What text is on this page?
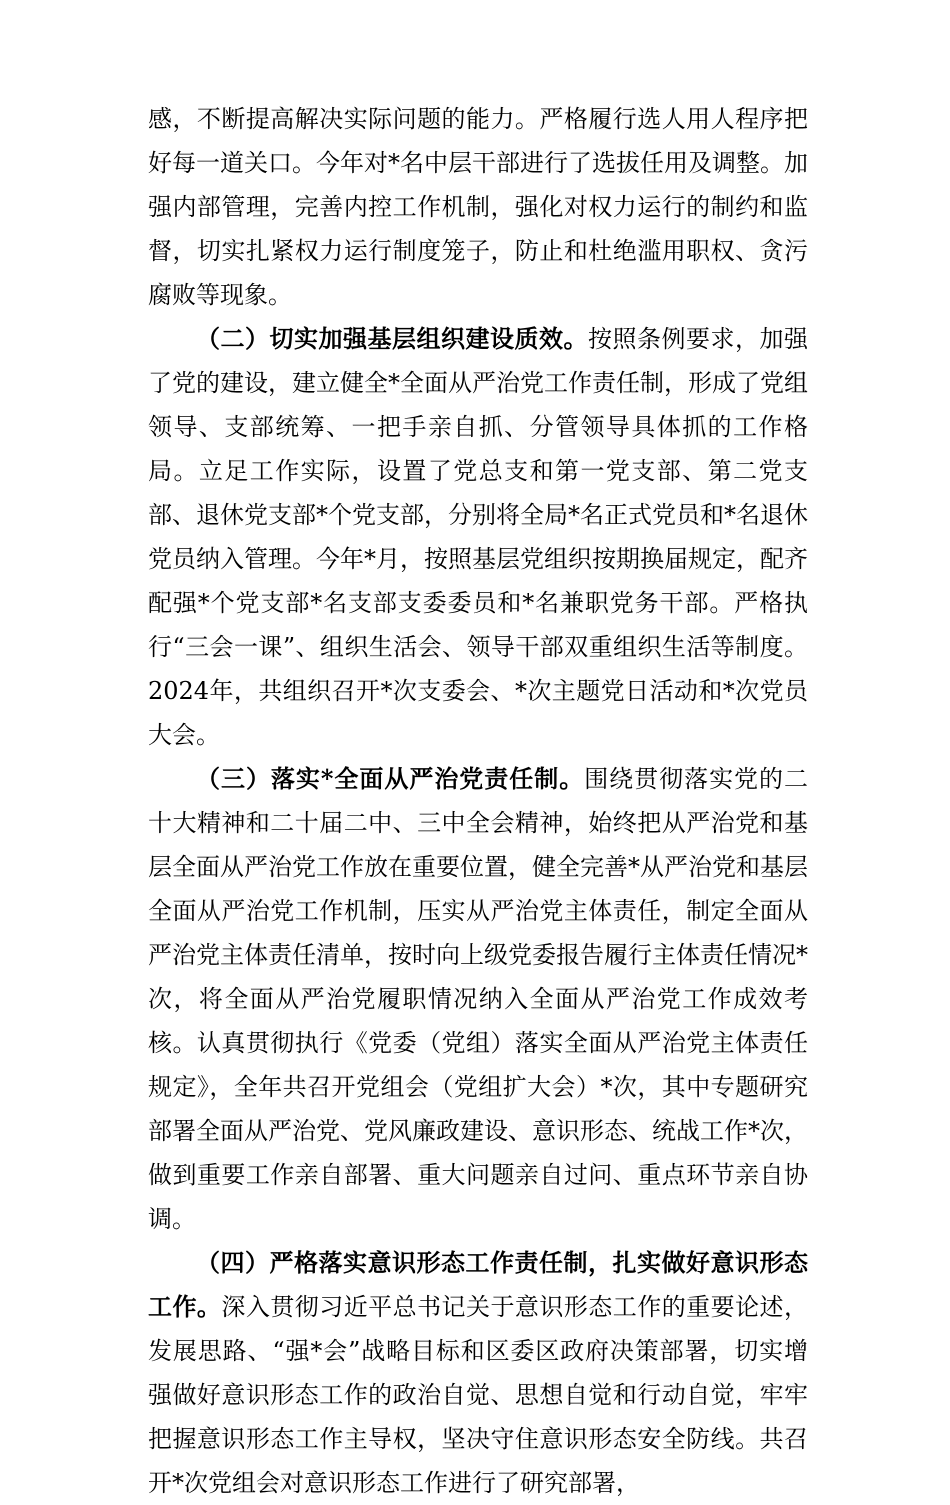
感，不断提高解决实际问题的能力。严格履行选人用人程序把好每一道关口。今年对*名中层干部进行了选拔任用及调整。加强内部管理，完善内控工作机制，强化对权力运行的制约和监督，切实扎紧权力运行制度笼子，防止和杜绝滥用职权、贪污腐败等现象。

（二）切实加强基层组织建设质效。按照条例要求，加强了党的建设，建立健全*全面从严治党工作责任制，形成了党组领导、支部统筹、一把手亲自抓、分管领导具体抓的工作格局。立足工作实际，设置了党总支和第一党支部、第二党支部、退休党支部*个党支部，分别将全局*名正式党员和*名退休党员纳入管理。今年*月，按照基层党组织按期换届规定，配齐配强*个党支部*名支部支委委员和*名兼职党务干部。严格执行“三会一课”、组织生活会、领导干部双重组织生活等制度。2024年，共组织召开*次支委会、*次主题党日活动和*次党员大会。

（三）落实*全面从严治党责任制。围绕贯彻落实党的二十大精神和二十届二中、三中全会精神，始终把从严治党和基层全面从严治党工作放在重要位置，健全完善*从严治党和基层全面从严治党工作机制，压实从严治党主体责任，制定全面从严治党主体责任清单，按时向上级党委报告履行主体责任情况*次，将全面从严治党履职情况纳入全面从严治党工作成效考核。认真贯彻执行《党委（党组）落实全面从严治党主体责任规定》，全年共召开党组会（党组扩大会）*次，其中专题研究部署全面从严治党、党风廉政建设、意识形态、统战工作*次，做到重要工作亲自部署、重大问题亲自过问、重点环节亲自协调。

（四）严格落实意识形态工作责任制，扎实做好意识形态工作。深入贯彻习近平总书记关于意识形态工作的重要论述，发展思路、“强*会”战略目标和区委区政府决策部署，切实增强做好意识形态工作的政治自觉、思想自觉和行动自觉，牢牢把握意识形态工作主导权，坚决守住意识形态安全防线。共召开*次党组会对意识形态工作进行了研究部署，
